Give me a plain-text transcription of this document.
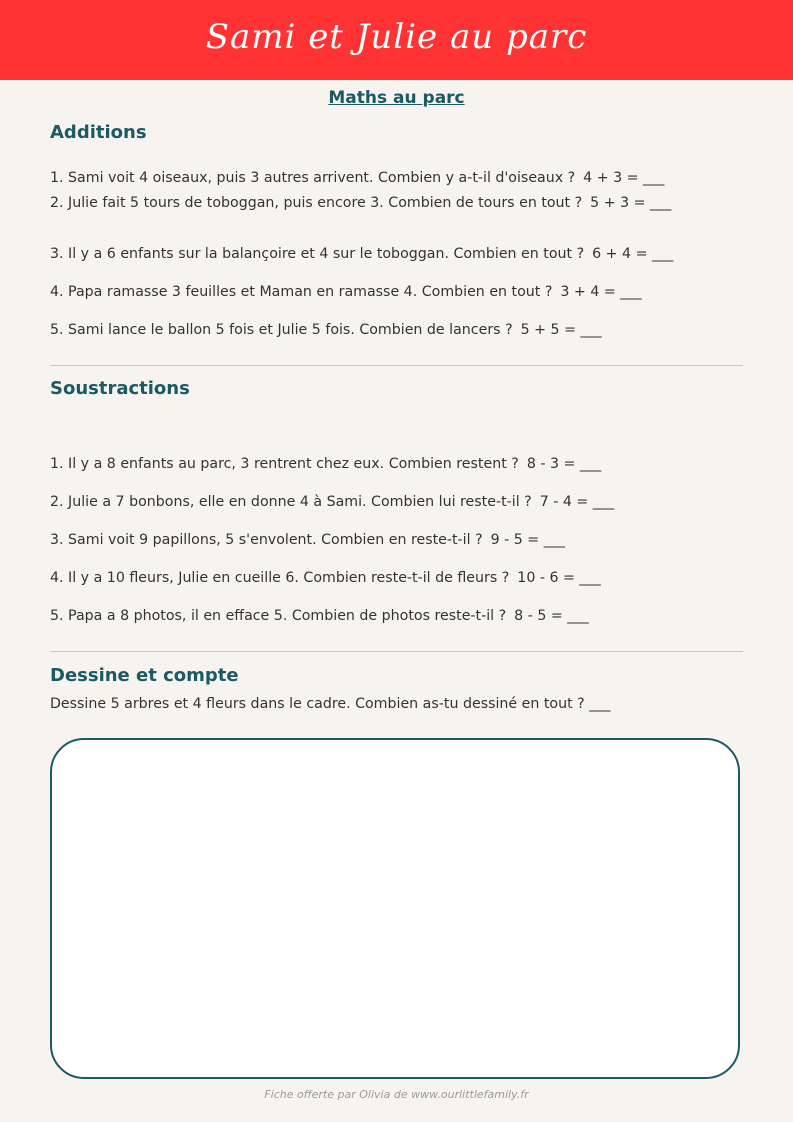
Sami et Julie au parc
Maths au parc
Additions
1. Sami voit 4 oiseaux, puis 3 autres arrivent. Combien y a-t-il d'oiseaux ? 4 + 3 = ___
2. Julie fait 5 tours de toboggan, puis encore 3. Combien de tours en tout ? 5 + 3 = ___
3. Il y a 6 enfants sur la balançoire et 4 sur le toboggan. Combien en tout ? 6 + 4 = ___
4. Papa ramasse 3 feuilles et Maman en ramasse 4. Combien en tout ? 3 + 4 = ___
5. Sami lance le ballon 5 fois et Julie 5 fois. Combien de lancers ? 5 + 5 = ___
Soustractions
1. Il y a 8 enfants au parc, 3 rentrent chez eux. Combien restent ? 8 - 3 = ___
2. Julie a 7 bonbons, elle en donne 4 à Sami. Combien lui reste-t-il ? 7 - 4 = ___
3. Sami voit 9 papillons, 5 s'envolent. Combien en reste-t-il ? 9 - 5 = ___
4. Il y a 10 fleurs, Julie en cueille 6. Combien reste-t-il de fleurs ? 10 - 6 = ___
5. Papa a 8 photos, il en efface 5. Combien de photos reste-t-il ? 8 - 5 = ___
Dessine et compte
Dessine 5 arbres et 4 fleurs dans le cadre. Combien as-tu dessiné en tout ? ___
Fiche offerte par Olivia de www.ourlittlefamily.fr
